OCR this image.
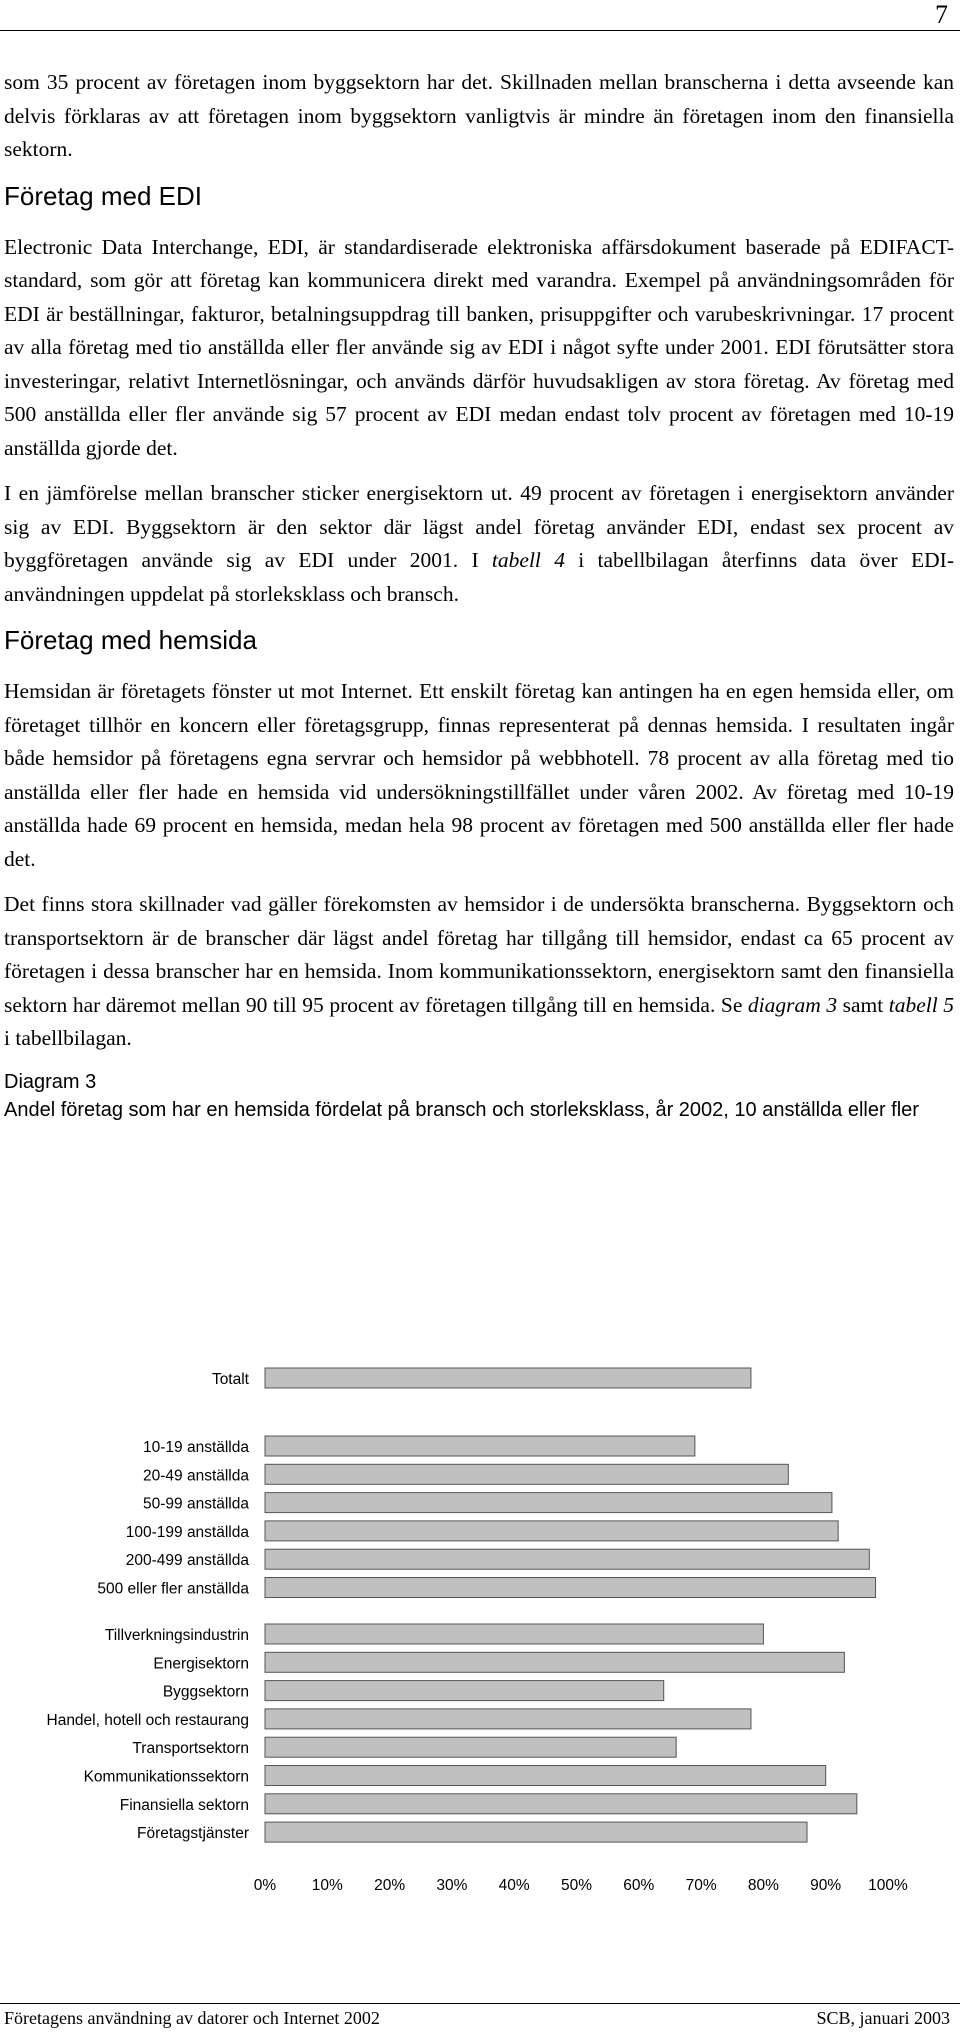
7

som 35 procent av företagen inom byggsektorn har det. Skillnaden mellan branscherna i detta avseende kan delvis förklaras av att företagen inom byggsektorn vanligtvis är mindre än företagen inom den finansiella sektorn.

Företag med EDI

Electronic Data Interchange, EDI, är standardiserade elektroniska affärsdokument baserade på EDIFACT-standard, som gör att företag kan kommunicera direkt med varandra. Exempel på användningsområden för EDI är beställningar, fakturor, betalningsuppdrag till banken, prisuppgifter och varubeskrivningar. 17 procent av alla företag med tio anställda eller fler använde sig av EDI i något syfte under 2001. EDI förutsätter stora investeringar, relativt Internetlösningar, och används därför huvudsakligen av stora företag. Av företag med 500 anställda eller fler använde sig 57 procent av EDI medan endast tolv procent av företagen med 10-19 anställda gjorde det.

I en jämförelse mellan branscher sticker energisektorn ut. 49 procent av företagen i energisektorn använder sig av EDI. Byggsektorn är den sektor där lägst andel företag använder EDI, endast sex procent av byggföretagen använde sig av EDI under 2001. I tabell 4 i tabellbilagan återfinns data över EDI-användningen uppdelat på storleksklass och bransch.

Företag med hemsida

Hemsidan är företagets fönster ut mot Internet. Ett enskilt företag kan antingen ha en egen hemsida eller, om företaget tillhör en koncern eller företagsgrupp, finnas representerat på dennas hemsida. I resultaten ingår både hemsidor på företagens egna servrar och hemsidor på webbhotell. 78 procent av alla företag med tio anställda eller fler hade en hemsida vid undersökningstillfället under våren 2002. Av företag med 10-19 anställda hade 69 procent en hemsida, medan hela 98 procent av företagen med 500 anställda eller fler hade det.

Det finns stora skillnader vad gäller förekomsten av hemsidor i de undersökta branscherna. Byggsektorn och transportsektorn är de branscher där lägst andel företag har tillgång till hemsidor, endast ca 65 procent av företagen i dessa branscher har en hemsida. Inom kommunikationssektorn, energisektorn samt den finansiella sektorn har däremot mellan 90 till 95 procent av företagen tillgång till en hemsida. Se diagram 3 samt tabell 5 i tabellbilagan.

Diagram 3
Andel företag som har en hemsida fördelat på bransch och storleksklass, år 2002, 10 anställda eller fler
Totalt
10-19 anställda
20-49 anställda
50-99 anställda
100-199 anställda
200-499 anställda
500 eller fler anställda
Tillverkningsindustrin
Energisektorn
Byggsektorn
Handel, hotell och restaurang
Transportsektorn
Kommunikationssektorn
Finansiella sektorn
Företagstjänster
0% 10% 20% 30% 40% 50% 60% 70% 80% 90% 100%
Företagens användning av datorer och Internet 2002	SCB, januari 2003
